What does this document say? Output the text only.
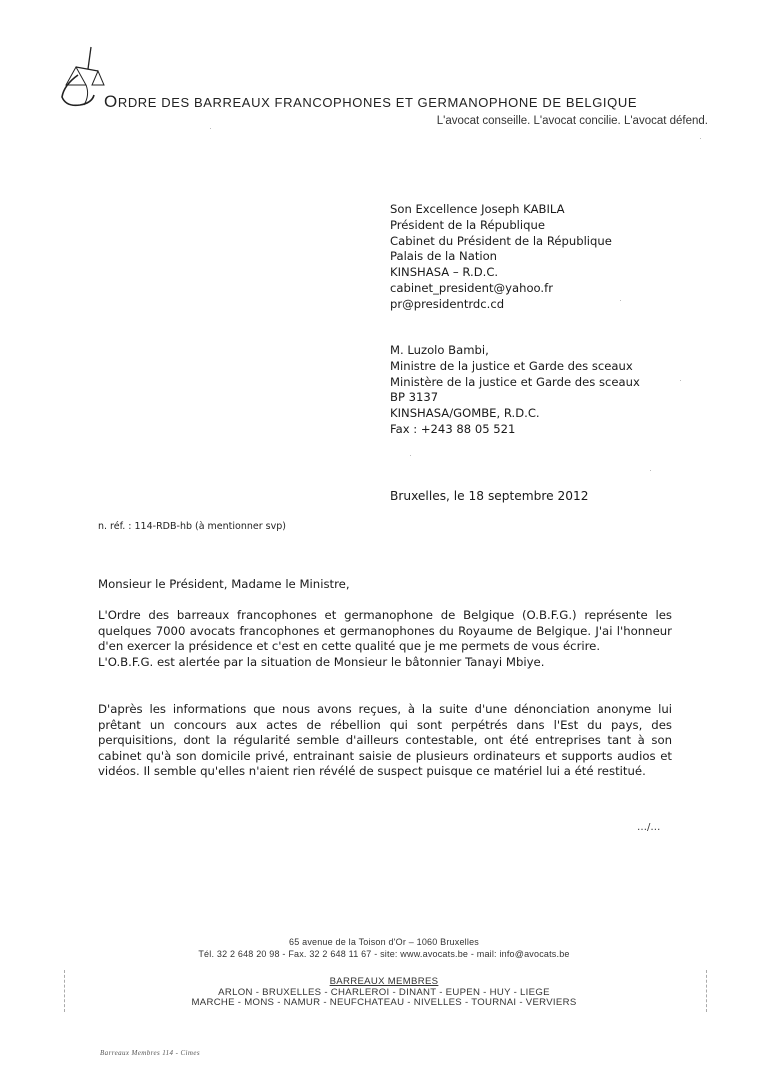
ORDRE DES BARREAUX FRANCOPHONES ET GERMANOPHONE DE BELGIQUE
L'avocat conseille. L'avocat concilie. L'avocat défend.
Son Excellence Joseph KABILA
Président de la République
Cabinet du Président de la République
Palais de la Nation
KINSHASA – R.D.C.
cabinet_president@yahoo.fr
pr@presidentrdc.cd
M. Luzolo Bambi,
Ministre de la justice et Garde des sceaux
Ministère de la justice et Garde des sceaux
BP 3137
KINSHASA/GOMBE, R.D.C.
Fax : +243 88 05 521
Bruxelles, le 18 septembre 2012
n. réf. : 114-RDB-hb (à mentionner svp)

Monsieur le Président, Madame le Ministre,

L'Ordre des barreaux francophones et germanophone de Belgique (O.B.F.G.) représente les quelques 7000 avocats francophones et germanophones du Royaume de Belgique. J'ai l'honneur d'en exercer la présidence et c'est en cette qualité que je me permets de vous écrire.

L'O.B.F.G. est alertée par la situation de Monsieur le bâtonnier Tanayi Mbiye.

D'après les informations que nous avons reçues, à la suite d'une dénonciation anonyme lui prêtant un concours aux actes de rébellion qui sont perpétrés dans l'Est du pays, des perquisitions, dont la régularité semble d'ailleurs contestable, ont été entreprises tant à son cabinet qu'à son domicile privé, entrainant saisie de plusieurs ordinateurs et supports audios et vidéos. Il semble qu'elles n'aient rien révélé de suspect puisque ce matériel lui a été restitué.

…/…
65 avenue de la Toison d'Or – 1060 Bruxelles
Tél. 32 2 648 20 98 - Fax. 32 2 648 11 67 - site: www.avocats.be - mail: info@avocats.be
BARREAUX MEMBRES
ARLON - BRUXELLES - CHARLEROI - DINANT - EUPEN - HUY - LIEGE
MARCHE - MONS - NAMUR - NEUFCHATEAU - NIVELLES - TOURNAI - VERVIERS
Barreaux Membres 114 - Cimes
